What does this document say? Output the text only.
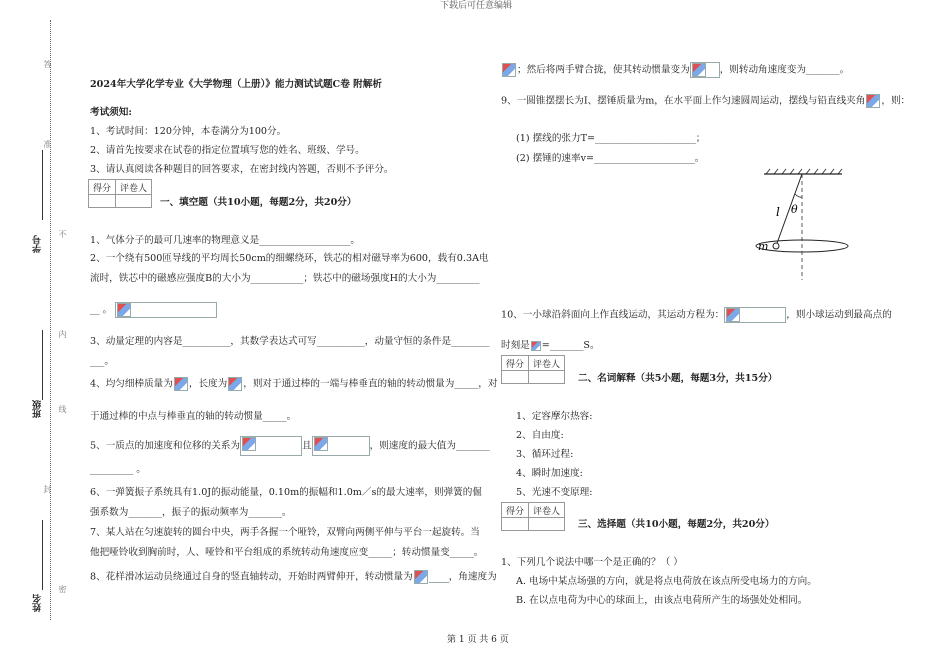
下载后可任意编辑
第 1 页 共 6 页
答
准
不
内
线
封
密
学号
班级
姓名
2024年大学化学专业《大学物理（上册）》能力测试试题C卷 附解析
考试须知:
1、考试时间：120分钟，本卷满分为100分。
2、请首先按要求在试卷的指定位置填写您的姓名、班级、学号。
3、请认真阅读各种题目的回答要求，在密封线内答题，否则不予评分。
得分	评卷人

一、填空题（共10小题，每题2分，共20分）
1、气体分子的最可几速率的物理意义是___________________。
2、一个绕有500匝导线的平均周长50cm的细螺绕环，铁芯的相对磁导率为600，载有0.3A电
流时，铁芯中的磁感应强度B的大小为___________；铁芯中的磁场强度H的大小为_________
__ 。
3、动量定理的内容是__________，其数学表达式可写__________，动量守恒的条件是________
___。
4、均匀细棒质量为 ，长度为 ，则对于通过棒的一端与棒垂直的轴的转动惯量为_____，对
于通过棒的中点与棒垂直的轴的转动惯量_____。
5、一质点的加速度和位移的关系为	且	，则速度的最大值为_______
_________ 。
6、一弹簧振子系统具有1.0J的振动能量，0.10m的振幅和1.0m／s的最大速率，则弹簧的倔
强系数为_______，振子的振动频率为_______。
7、某人站在匀速旋转的圆台中央，两手各握一个哑铃，双臂向两侧平伸与平台一起旋转。当
他把哑铃收到胸前时，人、哑铃和平台组成的系统转动角速度应变_____；转动惯量变_____。
8、花样滑冰运动员绕通过自身的竖直轴转动，开始时两臂伸开，转动惯量为	，角速度为
；然后将两手臂合拢，使其转动惯量变为	，则转动角速度变为_______。
9、一圆锥摆摆长为I、摆锤质量为m，在水平面上作匀速圆周运动，摆线与铅直线夹角 ，则：
(1) 摆线的张力T=_____________________；
(2) 摆锤的速率v=_____________________。
l θ
m
10、一小球沿斜面向上作直线运动，其运动方程为：	，则小球运动到最高点的
时刻是 =_______S。
得分	评卷人

二、名词解释（共5小题，每题3分，共15分）
1、定容摩尔热容:
2、自由度:
3、循环过程:
4、瞬时加速度:
5、光速不变原理:
得分	评卷人

三、选择题（共10小题，每题2分，共20分）
1、下列几个说法中哪一个是正确的？（ ）
A. 电场中某点场强的方向，就是将点电荷放在该点所受电场力的方向。
B. 在以点电荷为中心的球面上，由该点电荷所产生的场强处处相同。
